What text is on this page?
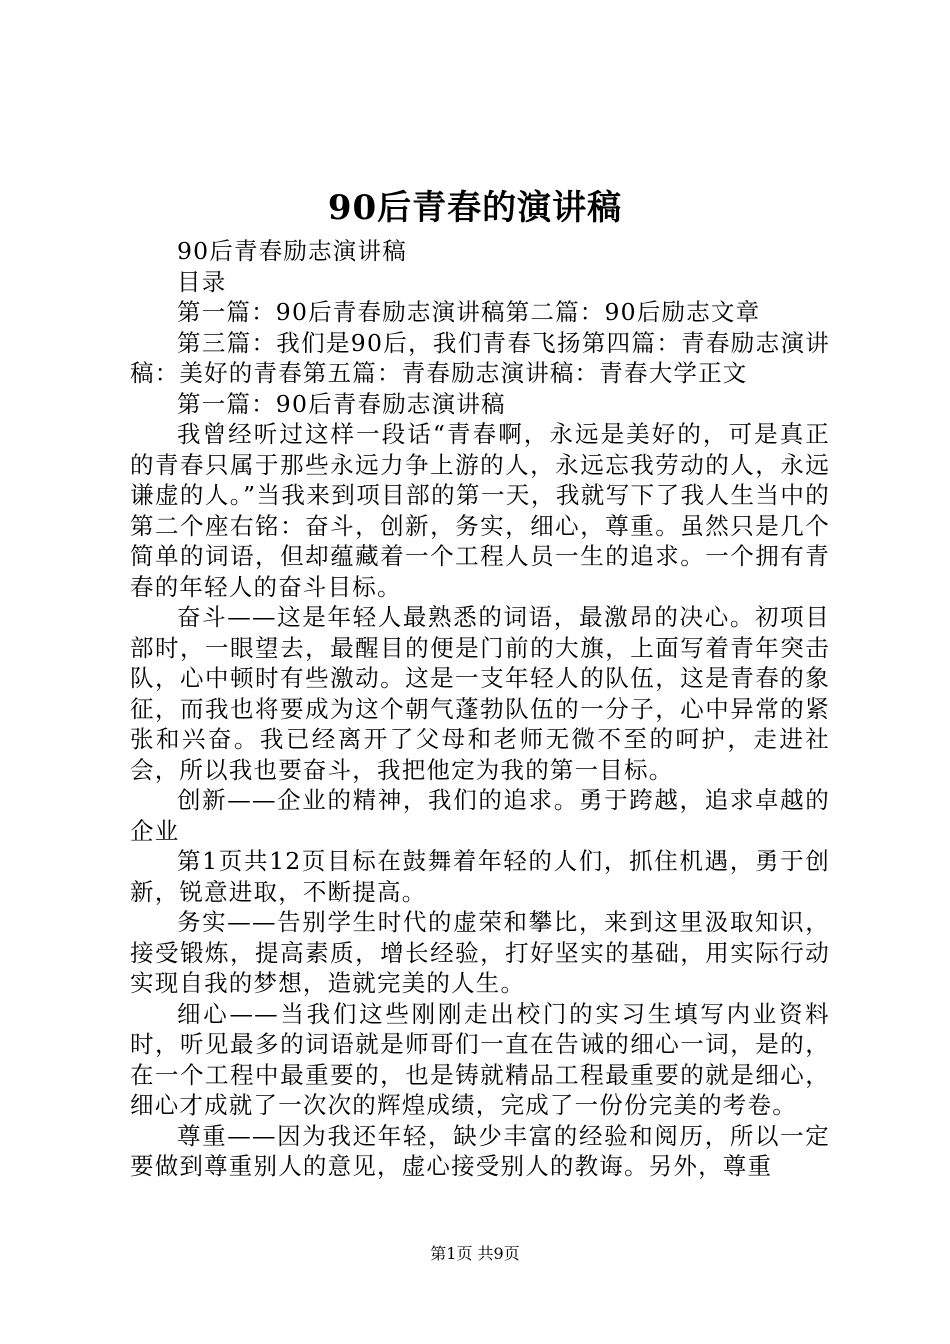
90后青春的演讲稿

90后青春励志演讲稿

目录

第一篇：90后青春励志演讲稿第二篇：90后励志文章

第三篇：我们是90后，我们青春飞扬第四篇：青春励志演讲稿：美好的青春第五篇：青春励志演讲稿：青春大学正文

第一篇：90后青春励志演讲稿

我曾经听过这样一段话“青春啊，永远是美好的，可是真正的青春只属于那些永远力争上游的人，永远忘我劳动的人，永远谦虚的人。”当我来到项目部的第一天，我就写下了我人生当中的第二个座右铭：奋斗，创新，务实，细心，尊重。虽然只是几个简单的词语，但却蕴藏着一个工程人员一生的追求。一个拥有青春的年轻人的奋斗目标。

奋斗——这是年轻人最熟悉的词语，最激昂的决心。初项目部时，一眼望去，最醒目的便是门前的大旗，上面写着青年突击队，心中顿时有些激动。这是一支年轻人的队伍，这是青春的象征，而我也将要成为这个朝气蓬勃队伍的一分子，心中异常的紧张和兴奋。我已经离开了父母和老师无微不至的呵护，走进社会，所以我也要奋斗，我把他定为我的第一目标。

创新——企业的精神，我们的追求。勇于跨越，追求卓越的企业

第1页共12页目标在鼓舞着年轻的人们，抓住机遇，勇于创新，锐意进取，不断提高。

务实——告别学生时代的虚荣和攀比，来到这里汲取知识，接受锻炼，提高素质，增长经验，打好坚实的基础，用实际行动实现自我的梦想，造就完美的人生。

细心——当我们这些刚刚走出校门的实习生填写内业资料时，听见最多的词语就是师哥们一直在告诫的细心一词，是的，在一个工程中最重要的，也是铸就精品工程最重要的就是细心，细心才成就了一次次的辉煌成绩，完成了一份份完美的考卷。

尊重——因为我还年轻，缺少丰富的经验和阅历，所以一定要做到尊重别人的意见，虚心接受别人的教诲。另外，尊重

第1页 共9页
